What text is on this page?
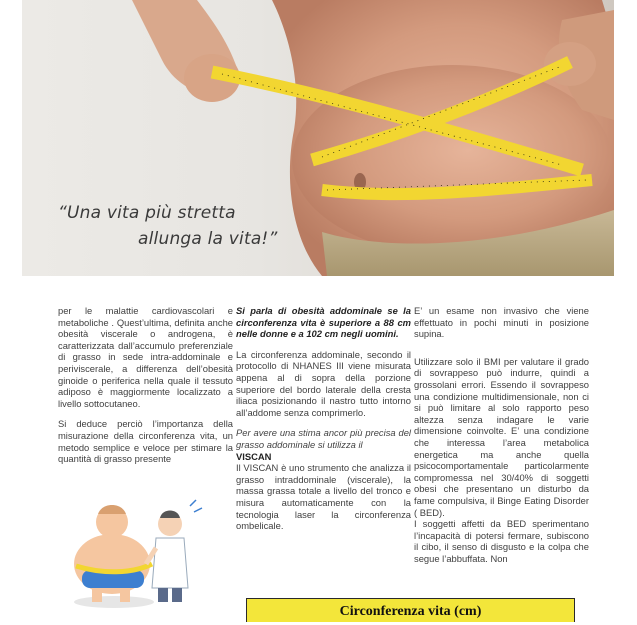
“Una vita più stretta
allunga la vita!”

per le malattie cardiovascolari e metaboliche . Quest’ultima, definita anche obesità viscerale o androgena, è caratterizzata dall’accumulo preferenziale di grasso in sede intra-addominale e periviscerale, a differenza dell’obesità ginoide o periferica nella quale il tessuto adiposo è maggiormente localizzato a livello sottocutaneo.

Si deduce perciò l’importanza della misurazione della circonferenza vita, un metodo semplice e veloce per stimare la quantità di grasso presente

Si parla di obesità addominale se la circonferenza vita è superiore a 88 cm nelle donne e a 102 cm negli uomini.

La circonferenza addominale, secondo il protocollo di NHANES III viene misurata appena al di sopra della porzione superiore del bordo laterale della cresta iliaca posizionando il nastro tutto intorno all’addome senza comprimerlo.

Per avere una stima ancor più precisa del grasso addominale si utilizza il
VISCAN

Il VISCAN è uno strumento che analizza il grasso intraddominale (viscerale), la massa grassa totale a livello del tronco e misura automaticamente con la tecnologia laser la circonferenza ombelicale.

E’ un esame non invasivo che viene effettuato in pochi minuti in posizione supina.

Utilizzare solo il BMI per valutare il grado di sovrappeso può indurre, quindi a grossolani errori. Essendo il sovrappeso una condizione multidimensionale, non ci si può limitare al solo rapporto peso altezza senza indagare le varie dimensione coinvolte. E’ una condizione che interessa l’area metabolica energetica ma anche quella psicocomportamentale particolarmente compromessa nel 30/40% di soggetti obesi che presentano un disturbo da fame compulsiva, il Binge Eating Disorder ( BED).

I soggetti affetti da BED sperimentano l’incapacità di potersi fermare, subiscono il cibo, il senso di disgusto e la colpa che segue l’abbuffata. Non

Circonferenza vita (cm)
